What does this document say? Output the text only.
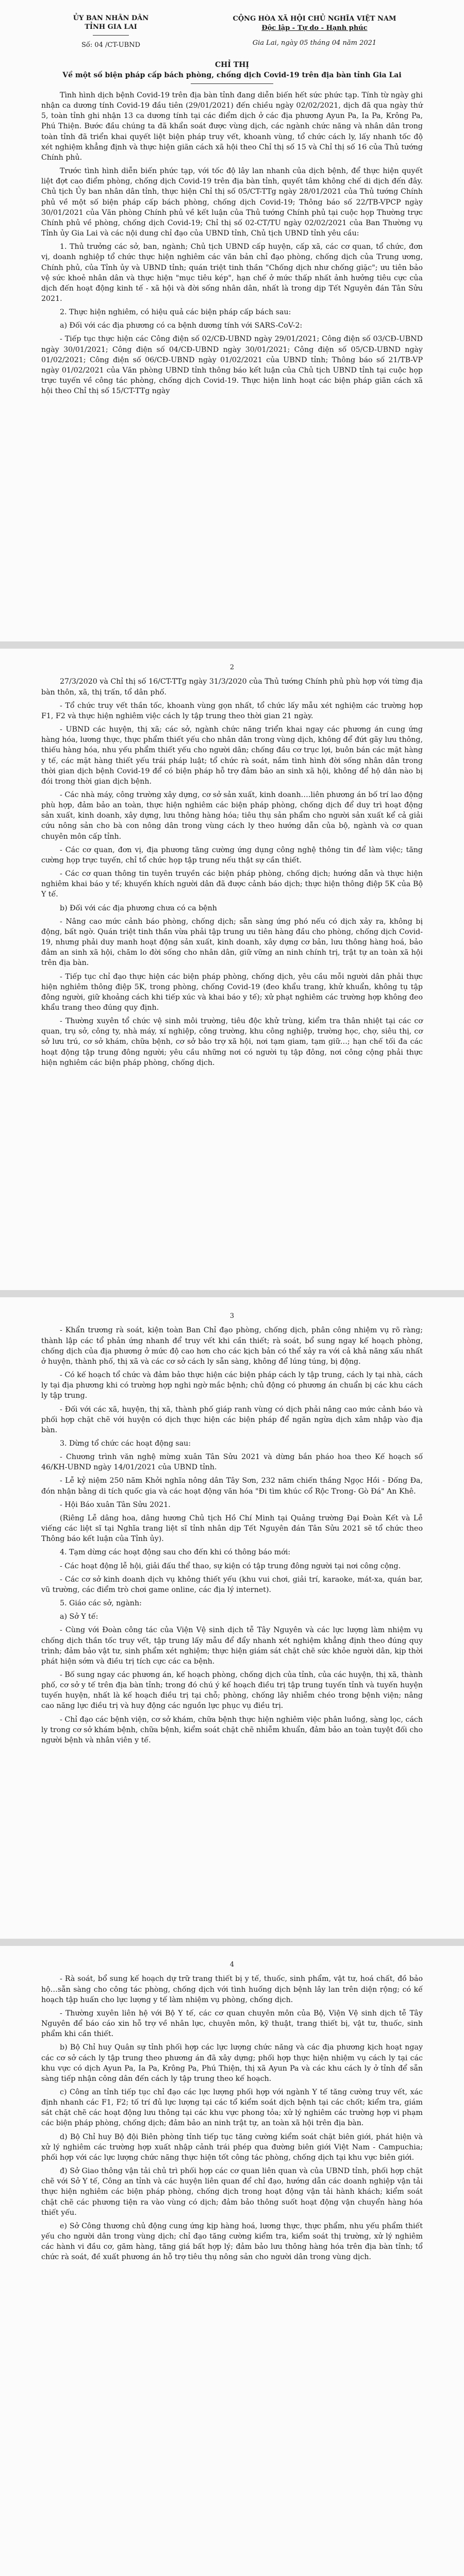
ỦY BAN NHÂN DÂN
TỈNH GIA LAI
Số: 04 /CT-UBND
CỘNG HÒA XÃ HỘI CHỦ NGHĨA VIỆT NAM
Độc lập - Tự do - Hạnh phúc
Gia Lai, ngày 05 tháng 04 năm 2021
CHỈ THỊ
Về một số biện pháp cấp bách phòng, chống dịch Covid-19 trên địa bàn tỉnh Gia Lai

Tình hình dịch bệnh Covid-19 trên địa bàn tỉnh đang diễn biến hết sức phức tạp. Tính từ ngày ghi nhận ca dương tính Covid-19 đầu tiên (29/01/2021) đến chiều ngày 02/02/2021, dịch đã qua ngày thứ 5, toàn tỉnh ghi nhận 13 ca dương tính tại các điểm dịch ở các địa phương Ayun Pa, Ia Pa, Krông Pa, Phú Thiện. Bước đầu chúng ta đã khẩn soát được vùng dịch, các ngành chức năng và nhân dân trong toàn tỉnh đã triển khai quyết liệt biện pháp truy vết, khoanh vùng, tổ chức cách ly, lấy nhanh tốc độ xét nghiệm khẳng định và thực hiện giãn cách xã hội theo Chỉ thị số 15 và Chỉ thị số 16 của Thủ tướng Chính phủ.

Trước tình hình diễn biến phức tạp, với tốc độ lây lan nhanh của dịch bệnh, để thực hiện quyết liệt đợt cao điểm phòng, chống dịch Covid-19 trên địa bàn tỉnh, quyết tâm không chế di dịch đến đây. Chủ tịch Ủy ban nhân dân tỉnh, thực hiện Chỉ thị số 05/CT-TTg ngày 28/01/2021 của Thủ tướng Chính phủ về một số biện pháp cấp bách phòng, chống dịch Covid-19; Thông báo số 22/TB-VPCP ngày 30/01/2021 của Văn phòng Chính phủ về kết luận của Thủ tướng Chính phủ tại cuộc họp Thường trực Chính phủ về phòng, chống dịch Covid-19; Chỉ thị số 02-CT/TU ngày 02/02/2021 của Ban Thường vụ Tỉnh ủy Gia Lai và các nội dung chỉ đạo của UBND tỉnh, Chủ tịch UBND tỉnh yêu cầu:

1. Thủ trưởng các sở, ban, ngành; Chủ tịch UBND cấp huyện, cấp xã, các cơ quan, tổ chức, đơn vị, doanh nghiệp tổ chức thực hiện nghiêm các văn bản chỉ đạo phòng, chống dịch của Trung ương, Chính phủ, của Tỉnh ủy và UBND tỉnh; quán triệt tinh thần "Chống dịch như chống giặc"; ưu tiên bảo vệ sức khoẻ nhân dân và thực hiện "mục tiêu kép", hạn chế ở mức thấp nhất ảnh hưởng tiêu cực của dịch đến hoạt động kinh tế - xã hội và đời sống nhân dân, nhất là trong dịp Tết Nguyên đán Tân Sửu 2021.

2. Thực hiện nghiêm, có hiệu quả các biện pháp cấp bách sau:

a) Đối với các địa phương có ca bệnh dương tính với SARS-CoV-2:

- Tiếp tục thực hiện các Công điện số 02/CĐ-UBND ngày 29/01/2021; Công điện số 03/CĐ-UBND ngày 30/01/2021; Công điện số 04/CĐ-UBND ngày 30/01/2021; Công điện số 05/CĐ-UBND ngày 01/02/2021; Công điện số 06/CĐ-UBND ngày 01/02/2021 của UBND tỉnh; Thông báo số 21/TB-VP ngày 01/02/2021 của Văn phòng UBND tỉnh thông báo kết luận của Chủ tịch UBND tỉnh tại cuộc họp trực tuyến về công tác phòng, chống dịch Covid-19. Thực hiện linh hoạt các biện pháp giãn cách xã hội theo Chỉ thị số 15/CT-TTg ngày

2

27/3/2020 và Chỉ thị số 16/CT-TTg ngày 31/3/2020 của Thủ tướng Chính phủ phù hợp với từng địa bàn thôn, xã, thị trấn, tổ dân phố.

- Tổ chức truy vết thần tốc, khoanh vùng gọn nhất, tổ chức lấy mẫu xét nghiệm các trường hợp F1, F2 và thực hiện nghiêm việc cách ly tập trung theo thời gian 21 ngày.

- UBND các huyện, thị xã; các sở, ngành chức năng triển khai ngay các phương án cung ứng hàng hóa, lương thực, thực phẩm thiết yếu cho nhân dân trong vùng dịch, không để đứt gãy lưu thông, thiếu hàng hóa, nhu yếu phẩm thiết yếu cho người dân; chống đầu cơ trục lợi, buôn bán các mặt hàng y tế, các mặt hàng thiết yếu trái pháp luật; tổ chức rà soát, nắm tình hình đời sống nhân dân trong thời gian dịch bệnh Covid-19 để có biện pháp hỗ trợ đảm bảo an sinh xã hội, không để hộ dân nào bị đói trong thời gian dịch bệnh.

- Các nhà máy, công trường xây dựng, cơ sở sản xuất, kinh doanh….liên phương án bố trí lao động phù hợp, đảm bảo an toàn, thực hiện nghiêm các biện pháp phòng, chống dịch để duy trì hoạt động sản xuất, kinh doanh, xây dựng, lưu thông hàng hóa; tiêu thụ sản phẩm cho người sản xuất kể cả giải cứu nông sản cho bà con nông dân trong vùng cách ly theo hướng dẫn của bộ, ngành và cơ quan chuyên môn cấp tỉnh.

- Các cơ quan, đơn vị, địa phương tăng cường ứng dụng công nghệ thông tin để làm việc; tăng cường họp trực tuyến, chỉ tổ chức họp tập trung nếu thật sự cần thiết.

- Các cơ quan thông tin tuyên truyền các biện pháp phòng, chống dịch; hướng dẫn và thực hiện nghiêm khai báo y tế; khuyến khích người dân đã được cảnh báo dịch; thực hiện thông điệp 5K của Bộ Y tế.

b) Đối với các địa phương chưa có ca bệnh

- Nâng cao mức cảnh báo phòng, chống dịch; sẵn sàng ứng phó nếu có dịch xảy ra, không bị động, bất ngờ. Quán triệt tinh thần vừa phải tập trung ưu tiên hàng đầu cho phòng, chống dịch Covid-19, nhưng phải duy manh hoạt động sản xuất, kinh doanh, xây dựng cơ bản, lưu thông hàng hoá, bảo đảm an sinh xã hội, chăm lo đời sống cho nhân dân, giữ vững an ninh chính trị, trật tự an toàn xã hội trên địa bàn.

- Tiếp tục chỉ đạo thực hiện các biện pháp phòng, chống dịch, yêu cầu mỗi người dân phải thực hiện nghiêm thông điệp 5K, trong phòng, chống Covid-19 (đeo khẩu trang, khử khuẩn, không tụ tập đông người, giữ khoảng cách khi tiếp xúc và khai báo y tế); xử phạt nghiêm các trường hợp không đeo khẩu trang theo đúng quy định.

- Thường xuyên tổ chức vệ sinh môi trường, tiêu độc khử trùng, kiểm tra thân nhiệt tại các cơ quan, trụ sở, công ty, nhà máy, xí nghiệp, công trường, khu công nghiệp, trường học, chợ, siêu thị, cơ sở lưu trú, cơ sở khám, chữa bệnh, cơ sở bảo trợ xã hội, nơi tạm giam, tạm giữ…; hạn chế tối đa các hoạt động tập trung đông người; yêu cầu những nơi có người tụ tập đông, nơi công cộng phải thực hiện nghiêm các biện pháp phòng, chống dịch.

3

- Khẩn trương rà soát, kiện toàn Ban Chỉ đạo phòng, chống dịch, phân công nhiệm vụ rõ ràng; thành lập các tổ phản ứng nhanh để truy vết khi cần thiết; rà soát, bổ sung ngay kế hoạch phòng, chống dịch của địa phương ở mức độ cao hơn cho các kịch bản có thể xảy ra với cả khả năng xấu nhất ở huyện, thành phố, thị xã và các cơ sở cách ly sẵn sàng, không để lúng túng, bị động.

- Có kế hoạch tổ chức và đảm bảo thực hiện các biện pháp cách ly tập trung, cách ly tại nhà, cách ly tại địa phương khi có trường hợp nghi ngờ mắc bệnh; chủ động có phương án chuẩn bị các khu cách ly tập trung.

- Đối với các xã, huyện, thị xã, thành phố giáp ranh vùng có dịch phải nâng cao mức cảnh báo và phối hợp chặt chẽ với huyện có dịch thực hiện các biện pháp để ngăn ngừa dịch xâm nhập vào địa bàn.

3. Dừng tổ chức các hoạt động sau:

- Chương trình văn nghệ mừng xuân Tân Sửu 2021 và dừng bắn pháo hoa theo Kế hoạch số 46/KH-UBND ngày 14/01/2021 của UBND tỉnh.

- Lễ kỷ niệm 250 năm Khởi nghĩa nông dân Tây Sơn, 232 năm chiến thắng Ngọc Hồi - Đống Đa, đón nhận bằng di tích quốc gia và các hoạt động văn hóa "Đi tìm khúc cổ Rộc Trong- Gò Đá" An Khê.

- Hội Báo xuân Tân Sửu 2021.

(Riêng Lễ dâng hoa, dâng hương Chủ tịch Hồ Chí Minh tại Quảng trường Đại Đoàn Kết và Lễ viếng các liệt sĩ tại Nghĩa trang liệt sĩ tỉnh nhân dịp Tết Nguyên đán Tân Sửu 2021 sẽ tổ chức theo Thông báo kết luận của Tỉnh ủy).

4. Tạm dừng các hoạt động sau cho đến khi có thông báo mới:

- Các hoạt động lễ hội, giải đấu thể thao, sự kiện có tập trung đông người tại nơi công cộng.

- Các cơ sở kinh doanh dịch vụ không thiết yếu (khu vui chơi, giải trí, karaoke, mát-xa, quán bar, vũ trường, các điểm trò chơi game online, các địa lý internet).

5. Giáo các sở, ngành:

a) Sở Y tế:

- Cùng với Đoàn công tác của Viện Vệ sinh dịch tễ Tây Nguyên và các lực lượng làm nhiệm vụ chống dịch thần tốc truy vết, tập trung lấy mẫu để đẩy nhanh xét nghiệm khẳng định theo đúng quy trình; đảm bảo vật tư, sinh phẩm xét nghiệm; thực hiện giám sát chặt chẽ sức khỏe người dân, kịp thời phát hiện sớm và điều trị tích cực các ca bệnh.

- Bố sung ngay các phương án, kế hoạch phòng, chống dịch của tỉnh, của các huyện, thị xã, thành phố, cơ sở y tế trên địa bàn tỉnh; trong đó chú ý kế hoạch điều trị tập trung tuyến tỉnh và tuyến huyện tuyến huyện, nhất là kế hoạch điều trị tại chỗ; phòng, chống lây nhiễm chéo trong bệnh viện; nâng cao năng lực điều trị và huy động các nguồn lực phục vụ điều trị.

- Chỉ đạo các bệnh viện, cơ sở khám, chữa bệnh thực hiện nghiêm việc phân luồng, sàng lọc, cách ly trong cơ sở khám bệnh, chữa bệnh, kiểm soát chặt chẽ nhiễm khuẩn, đảm bảo an toàn tuyệt đối cho người bệnh và nhân viên y tế.

4

- Rà soát, bổ sung kế hoạch dự trữ trang thiết bị y tế, thuốc, sinh phẩm, vật tư, hoá chất, đồ bảo hộ…sẵn sàng cho công tác phòng, chống dịch với tình huống dịch bệnh lây lan trên diện rộng; có kế hoạch tập huấn cho lực lượng y tế làm nhiệm vụ phòng, chống dịch.

- Thường xuyên liên hệ với Bộ Y tế, các cơ quan chuyên môn của Bộ, Viện Vệ sinh dịch tễ Tây Nguyên để báo cáo xin hỗ trợ về nhân lực, chuyên môn, kỹ thuật, trang thiết bị, vật tư, thuốc, sinh phẩm khi cần thiết.

b) Bộ Chỉ huy Quân sự tỉnh phối hợp các lực lượng chức năng và các địa phương kịch hoạt ngay các cơ sở cách ly tập trung theo phương án đã xây dựng; phối hợp thực hiện nhiệm vụ cách ly tại các khu vực có dịch Ayun Pa, Ia Pa, Krông Pa, Phú Thiện, thị xã Ayun Pa và các khu cách ly ở tỉnh để sẵn sàng tiếp nhận công dân đến cách ly tập trung theo kế hoạch.

c) Công an tỉnh tiếp tục chỉ đạo các lực lượng phối hợp với ngành Y tế tăng cường truy vết, xác định nhanh các F1, F2; tố trí đủ lực lượng tại các tổ kiểm soát dịch bệnh tại các chốt; kiểm tra, giám sát chặt chẽ các hoạt động lưu thông tại các khu vực phong tỏa; xử lý nghiêm các trường hợp vi phạm các biện pháp phòng, chống dịch; đảm bảo an ninh trật tự, an toàn xã hội trên địa bàn.

d) Bộ Chỉ huy Bộ đội Biên phòng tỉnh tiếp tục tăng cường kiểm soát chặt biên giới, phát hiện và xử lý nghiêm các trường hợp xuất nhập cảnh trái phép qua đường biên giới Việt Nam - Campuchia; phối hợp với các lực lượng chức năng thực hiện tốt công tác phòng, chống dịch tại khu vực biên giới.

đ) Sở Giao thông vận tải chủ trì phối hợp các cơ quan liên quan và của UBND tỉnh, phối hợp chặt chẽ với Sở Y tế, Công an tỉnh và các huyện liên quan để chỉ đạo, hướng dẫn các doanh nghiệp vận tải thực hiện nghiêm các biện pháp phòng, chống dịch trong hoạt động vận tải hành khách; kiểm soát chặt chẽ các phương tiện ra vào vùng có dịch; đảm bảo thông suốt hoạt động vận chuyển hàng hóa thiết yếu.

e) Sở Công thương chủ động cung ứng kịp hàng hoá, lương thực, thực phẩm, nhu yếu phẩm thiết yếu cho người dân trong vùng dịch; chỉ đạo tăng cường kiểm tra, kiểm soát thị trường, xử lý nghiêm các hành vi đầu cơ, găm hàng, tăng giá bất hợp lý; đảm bảo lưu thông hàng hóa trên địa bàn tỉnh; tổ chức rà soát, đề xuất phương án hỗ trợ tiêu thụ nông sản cho người dân trong vùng dịch.
